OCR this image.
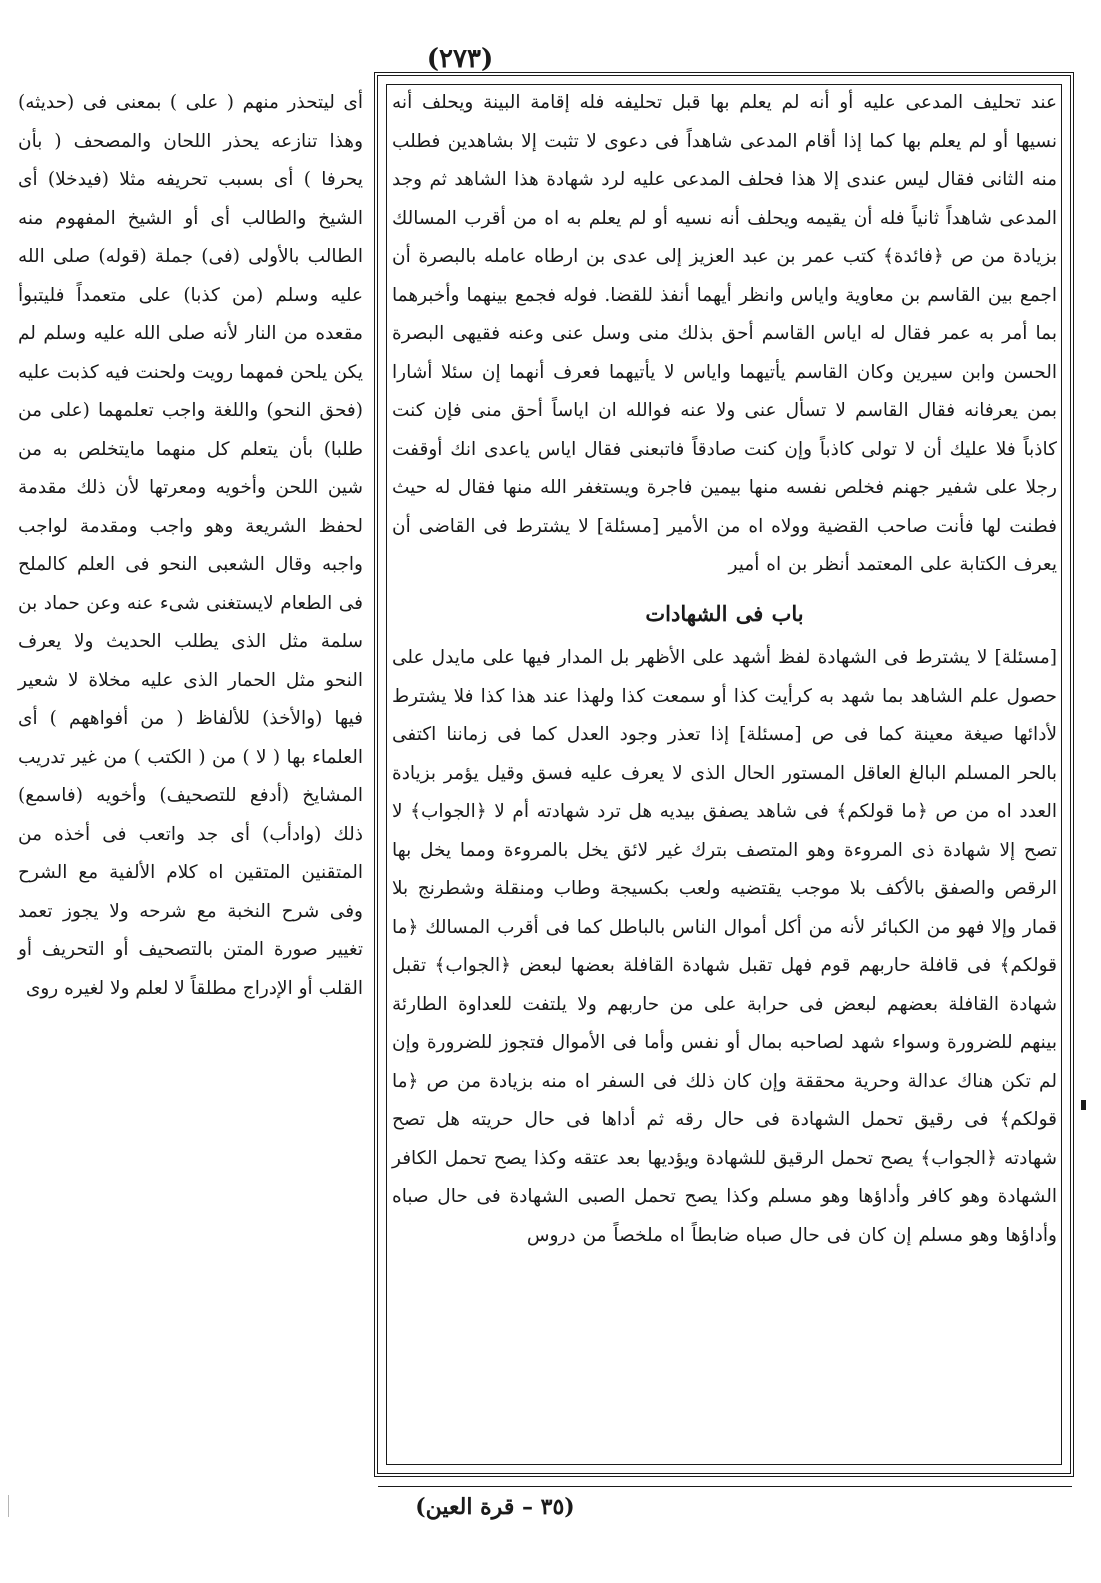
(٢٧٣)

عند تحليف المدعى عليه أو أنه لم يعلم بها قبل تحليفه فله إقامة البينة ويحلف أنه نسيها أو لم يعلم بها كما إذا أقام المدعى شاهداً فى دعوى لا تثبت إلا بشاهدين فطلب منه الثانى فقال ليس عندى إلا هذا فحلف المدعى عليه لرد شهادة هذا الشاهد ثم وجد المدعى شاهداً ثانياً فله أن يقيمه ويحلف أنه نسيه أو لم يعلم به اه من أقرب المسالك بزيادة من ص ﴿فائدة﴾ كتب عمر بن عبد العزيز إلى عدى بن ارطاه عامله بالبصرة أن اجمع بين القاسم بن معاوية واياس وانظر أيهما أنفذ للقضا. فوله فجمع بينهما وأخبرهما بما أمر به عمر فقال له اياس القاسم أحق بذلك منى وسل عنى وعنه فقيهى البصرة الحسن وابن سيرين وكان القاسم يأتيهما واياس لا يأتيهما فعرف أنهما إن سئلا أشارا بمن يعرفانه فقال القاسم لا تسأل عنى ولا عنه فوالله ان اياساً أحق منى فإن كنت كاذباً فلا عليك أن لا تولى كاذباً وإن كنت صادقاً فاتبعنى فقال اياس ياعدى انك أوقفت رجلا على شفير جهنم فخلص نفسه منها بيمين فاجرة ويستغفر الله منها فقال له حيث فطنت لها فأنت صاحب القضية وولاه اه من الأمير [مسئلة] لا يشترط فى القاضى أن يعرف الكتابة على المعتمد أنظر بن اه أمير

باب فى الشهادات

[مسئلة] لا يشترط فى الشهادة لفظ أشهد على الأظهر بل المدار فيها على مايدل على حصول علم الشاهد بما شهد به كرأيت كذا أو سمعت كذا ولهذا عند هذا كذا فلا يشترط لأدائها صيغة معينة كما فى ص [مسئلة] إذا تعذر وجود العدل كما فى زماننا اكتفى بالحر المسلم البالغ العاقل المستور الحال الذى لا يعرف عليه فسق وقيل يؤمر بزيادة العدد اه من ص ﴿ما قولكم﴾ فى شاهد يصفق بيديه هل ترد شهادته أم لا ﴿الجواب﴾ لا تصح إلا شهادة ذى المروءة وهو المتصف بترك غير لائق يخل بالمروءة ومما يخل بها الرقص والصفق بالأكف بلا موجب يقتضيه ولعب بكسيجة وطاب ومنقلة وشطرنج بلا قمار وإلا فهو من الكبائر لأنه من أكل أموال الناس بالباطل كما فى أقرب المسالك ﴿ما قولكم﴾ فى قافلة حاربهم قوم فهل تقبل شهادة القافلة بعضها لبعض ﴿الجواب﴾ تقبل شهادة القافلة بعضهم لبعض فى حرابة على من حاربهم ولا يلتفت للعداوة الطارئة بينهم للضرورة وسواء شهد لصاحبه بمال أو نفس وأما فى الأموال فتجوز للضرورة وإن لم تكن هناك عدالة وحرية محققة وإن كان ذلك فى السفر اه منه بزيادة من ص ﴿ما قولكم﴾ فى رقيق تحمل الشهادة فى حال رقه ثم أداها فى حال حريته هل تصح شهادته ﴿الجواب﴾ يصح تحمل الرقيق للشهادة ويؤديها بعد عتقه وكذا يصح تحمل الكافر الشهادة وهو كافر وأداؤها وهو مسلم وكذا يصح تحمل الصبى الشهادة فى حال صباه وأداؤها وهو مسلم إن كان فى حال صباه ضابطاً اه ملخصاً من دروس

أى ليتحذر منهم ( على ) بمعنى فى (حديثه) وهذا تنازعه يحذر اللحان والمصحف ( بأن يحرفا ) أى بسبب تحريفه مثلا (فيدخلا) أى الشيخ والطالب أى أو الشيخ المفهوم منه الطالب بالأولى (فى) جملة (قوله) صلى الله عليه وسلم (من كذبا) على متعمداً فليتبوأ مقعده من النار لأنه صلى الله عليه وسلم لم يكن يلحن فمهما رويت ولحنت فيه كذبت عليه (فحق النحو) واللغة واجب تعلمهما (على من طلبا) بأن يتعلم كل منهما مايتخلص به من شين اللحن وأخويه ومعرتها لأن ذلك مقدمة لحفظ الشريعة وهو واجب ومقدمة لواجب واجبه وقال الشعبى النحو فى العلم كالملح فى الطعام لايستغنى شىء عنه وعن حماد بن سلمة مثل الذى يطلب الحديث ولا يعرف النحو مثل الحمار الذى عليه مخلاة لا شعير فيها (والأخذ) للألفاظ ( من أفواههم ) أى العلماء بها ( لا ) من ( الكتب ) من غير تدريب المشايخ (أدفع للتصحيف) وأخويه (فاسمع) ذلك (وادأب) أى جد واتعب فى أخذه من المتقنين المتقين اه كلام الألفية مع الشرح وفى شرح النخبة مع شرحه ولا يجوز تعمد تغيير صورة المتن بالتصحيف أو التحريف أو القلب أو الإدراج مطلقاً لا لعلم ولا لغيره روى
(٣٥ – قرة العين)
